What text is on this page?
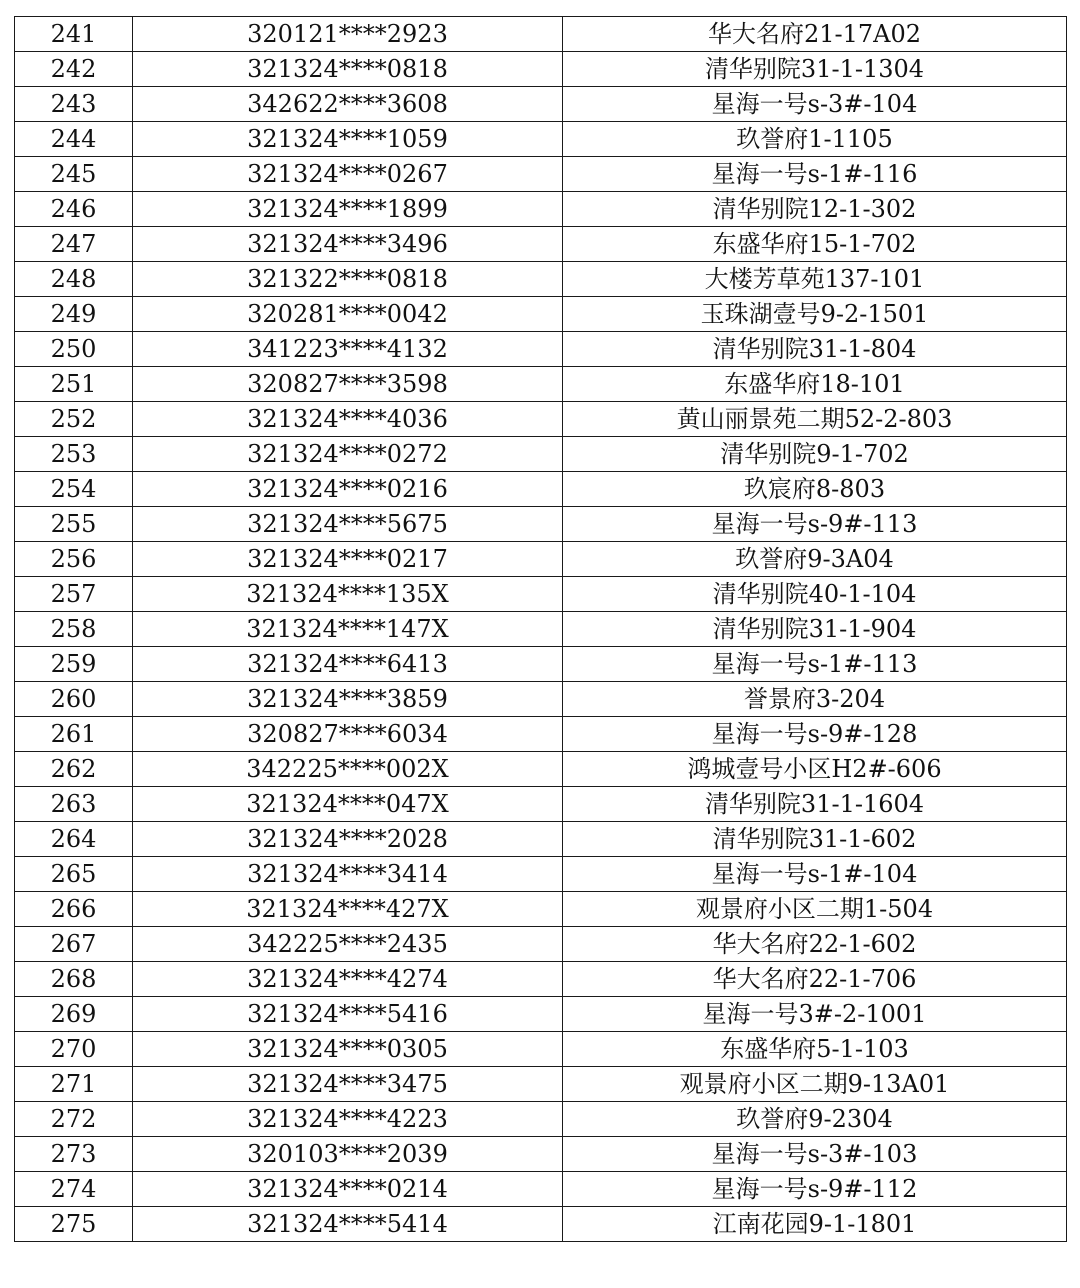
241	320121****2923	华大名府21-17A02
242	321324****0818	清华别院31-1-1304
243	342622****3608	星海一号s-3#-104
244	321324****1059	玖誉府1-1105
245	321324****0267	星海一号s-1#-116
246	321324****1899	清华别院12-1-302
247	321324****3496	东盛华府15-1-702
248	321322****0818	大楼芳草苑137-101
249	320281****0042	玉珠湖壹号9-2-1501
250	341223****4132	清华别院31-1-804
251	320827****3598	东盛华府18-101
252	321324****4036	黄山丽景苑二期52-2-803
253	321324****0272	清华别院9-1-702
254	321324****0216	玖宸府8-803
255	321324****5675	星海一号s-9#-113
256	321324****0217	玖誉府9-3A04
257	321324****135X	清华别院40-1-104
258	321324****147X	清华别院31-1-904
259	321324****6413	星海一号s-1#-113
260	321324****3859	誉景府3-204
261	320827****6034	星海一号s-9#-128
262	342225****002X	鸿城壹号小区H2#-606
263	321324****047X	清华别院31-1-1604
264	321324****2028	清华别院31-1-602
265	321324****3414	星海一号s-1#-104
266	321324****427X	观景府小区二期1-504
267	342225****2435	华大名府22-1-602
268	321324****4274	华大名府22-1-706
269	321324****5416	星海一号3#-2-1001
270	321324****0305	东盛华府5-1-103
271	321324****3475	观景府小区二期9-13A01
272	321324****4223	玖誉府9-2304
273	320103****2039	星海一号s-3#-103
274	321324****0214	星海一号s-9#-112
275	321324****5414	江南花园9-1-1801
